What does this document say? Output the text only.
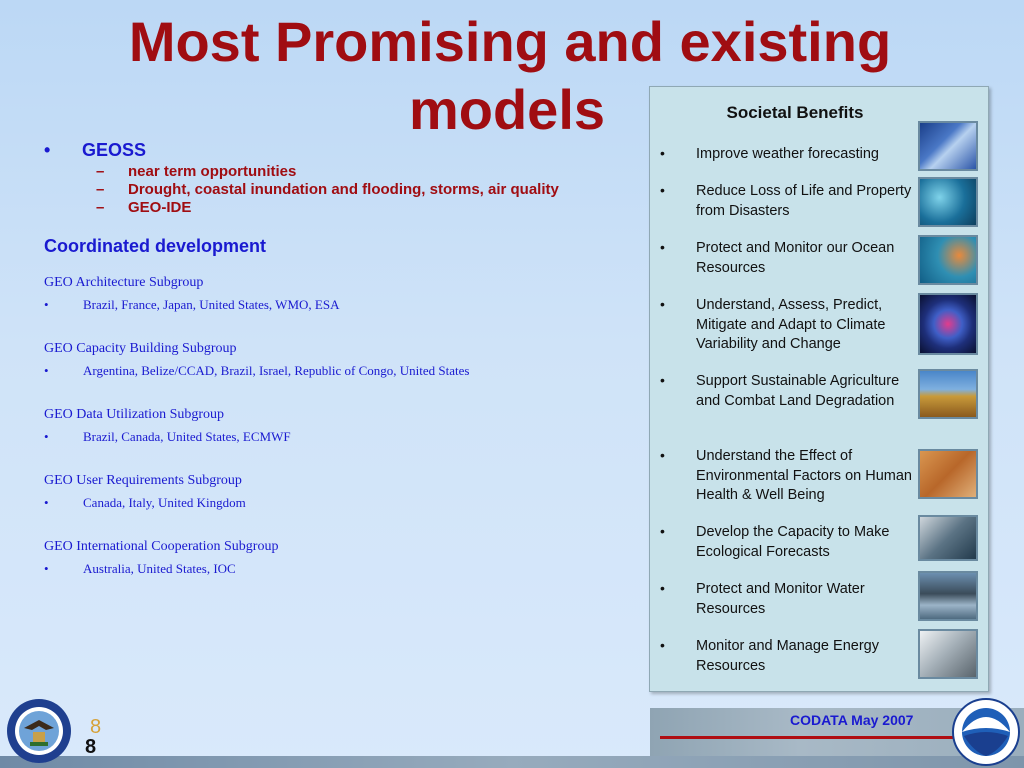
Most Promising and existing
models
• GEOSS
– near term opportunities
– Drought, coastal inundation and flooding, storms, air quality
– GEO-IDE
Coordinated development
GEO Architecture Subgroup
•	Brazil, France, Japan, United States, WMO, ESA
GEO Capacity Building Subgroup
•	Argentina, Belize/CCAD, Brazil, Israel, Republic of Congo, United States
GEO Data Utilization Subgroup
•	Brazil, Canada, United States, ECMWF
GEO User Requirements Subgroup
•	Canada, Italy, United Kingdom
GEO International Cooperation Subgroup
•	Australia, United States, IOC
Societal Benefits
• Improve weather forecasting
• Reduce Loss of Life and Property from Disasters
• Protect and Monitor our Ocean Resources
• Understand, Assess, Predict, Mitigate and Adapt to Climate Variability and Change
• Support Sustainable Agriculture and Combat Land Degradation
• Understand the Effect of Environmental Factors on Human Health & Well Being
• Develop the Capacity to Make Ecological Forecasts
• Protect and Monitor Water Resources
• Monitor and Manage Energy Resources
CODATA May 2007
8
8
